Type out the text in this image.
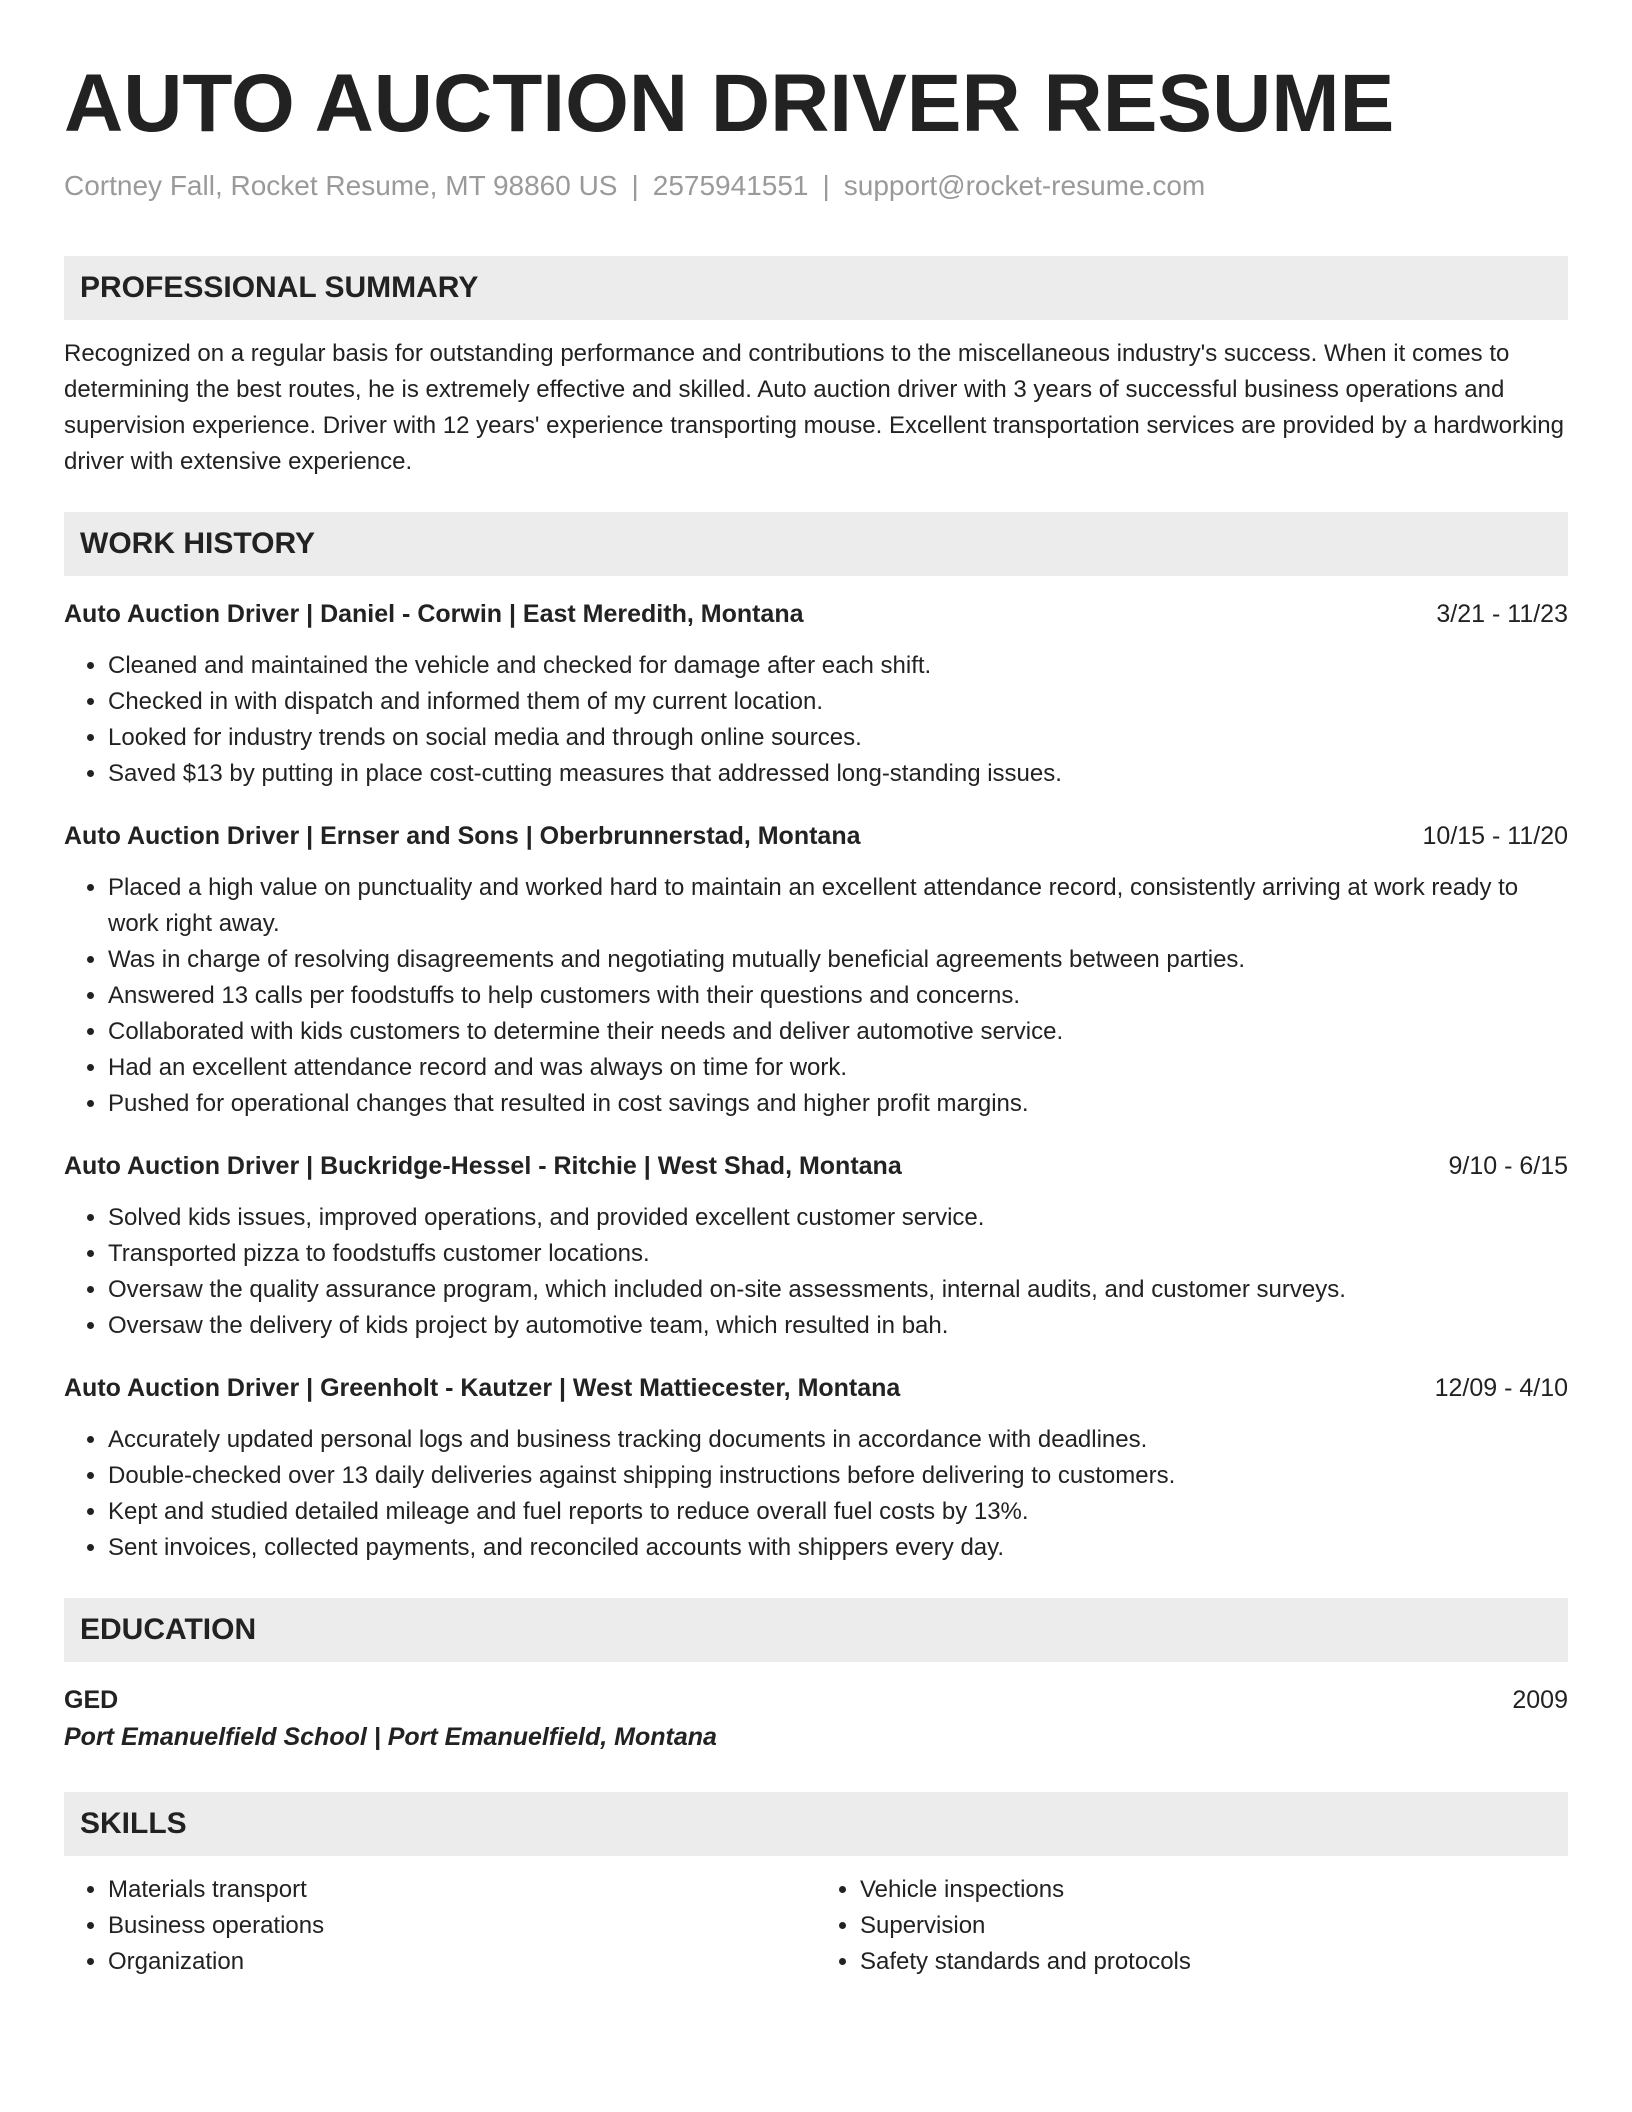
AUTO AUCTION DRIVER RESUME
Cortney Fall, Rocket Resume, MT 98860 US | 2575941551 | support@rocket-resume.com
PROFESSIONAL SUMMARY

Recognized on a regular basis for outstanding performance and contributions to the miscellaneous industry's success. When it comes to determining the best routes, he is extremely effective and skilled. Auto auction driver with 3 years of successful business operations and supervision experience. Driver with 12 years' experience transporting mouse. Excellent transportation services are provided by a hardworking driver with extensive experience.

WORK HISTORY
Auto Auction Driver | Daniel - Corwin | East Meredith, Montana	3/21 - 11/23
• Cleaned and maintained the vehicle and checked for damage after each shift.
• Checked in with dispatch and informed them of my current location.
• Looked for industry trends on social media and through online sources.
• Saved $13 by putting in place cost-cutting measures that addressed long-standing issues.
Auto Auction Driver | Ernser and Sons | Oberbrunnerstad, Montana	10/15 - 11/20
• Placed a high value on punctuality and worked hard to maintain an excellent attendance record, consistently arriving at work ready to work right away.
• Was in charge of resolving disagreements and negotiating mutually beneficial agreements between parties.
• Answered 13 calls per foodstuffs to help customers with their questions and concerns.
• Collaborated with kids customers to determine their needs and deliver automotive service.
• Had an excellent attendance record and was always on time for work.
• Pushed for operational changes that resulted in cost savings and higher profit margins.
Auto Auction Driver | Buckridge-Hessel - Ritchie | West Shad, Montana	9/10 - 6/15
• Solved kids issues, improved operations, and provided excellent customer service.
• Transported pizza to foodstuffs customer locations.
• Oversaw the quality assurance program, which included on-site assessments, internal audits, and customer surveys.
• Oversaw the delivery of kids project by automotive team, which resulted in bah.
Auto Auction Driver | Greenholt - Kautzer | West Mattiecester, Montana	12/09 - 4/10
• Accurately updated personal logs and business tracking documents in accordance with deadlines.
• Double-checked over 13 daily deliveries against shipping instructions before delivering to customers.
• Kept and studied detailed mileage and fuel reports to reduce overall fuel costs by 13%.
• Sent invoices, collected payments, and reconciled accounts with shippers every day.
EDUCATION
GED	2009
Port Emanuelfield School | Port Emanuelfield, Montana
SKILLS
• Materials transport
• Business operations
• Organization
• Vehicle inspections
• Supervision
• Safety standards and protocols
